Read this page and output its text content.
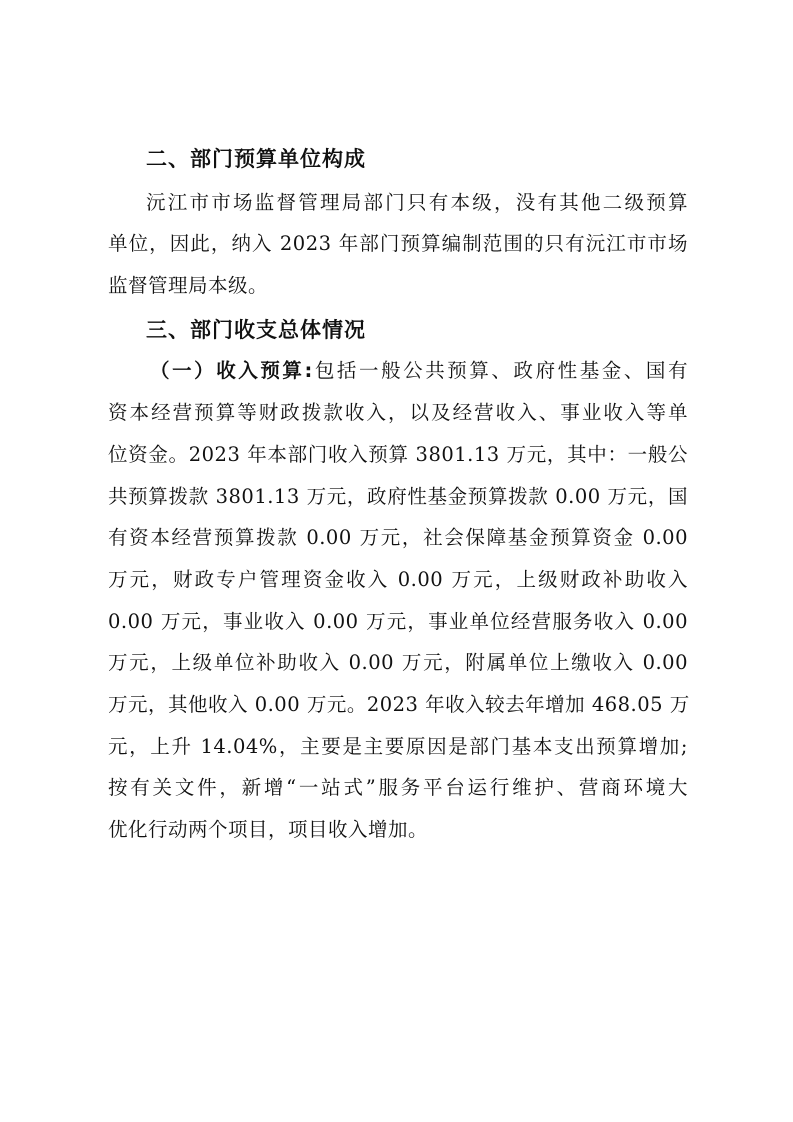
二、部门预算单位构成
沅江市市场监督管理局部门只有本级，没有其他二级预算
单位，因此，纳入 2023 年部门预算编制范围的只有沅江市市场
监督管理局本级。
三、部门收支总体情况
（一）收入预算:包括一般公共预算、政府性基金、国有
资本经营预算等财政拨款收入，以及经营收入、事业收入等单
位资金。2023 年本部门收入预算 3801.13 万元，其中：一般公
共预算拨款 3801.13 万元，政府性基金预算拨款 0.00 万元，国
有资本经营预算拨款 0.00 万元，社会保障基金预算资金 0.00
万元，财政专户管理资金收入 0.00 万元，上级财政补助收入
0.00 万元，事业收入 0.00 万元，事业单位经营服务收入 0.00
万元，上级单位补助收入 0.00 万元，附属单位上缴收入 0.00
万元，其他收入 0.00 万元。2023 年收入较去年增加 468.05 万
元，上升 14.04%，主要是主要原因是部门基本支出预算增加;
按有关文件，新增“一站式”服务平台运行维护、营商环境大
优化行动两个项目，项目收入增加。
